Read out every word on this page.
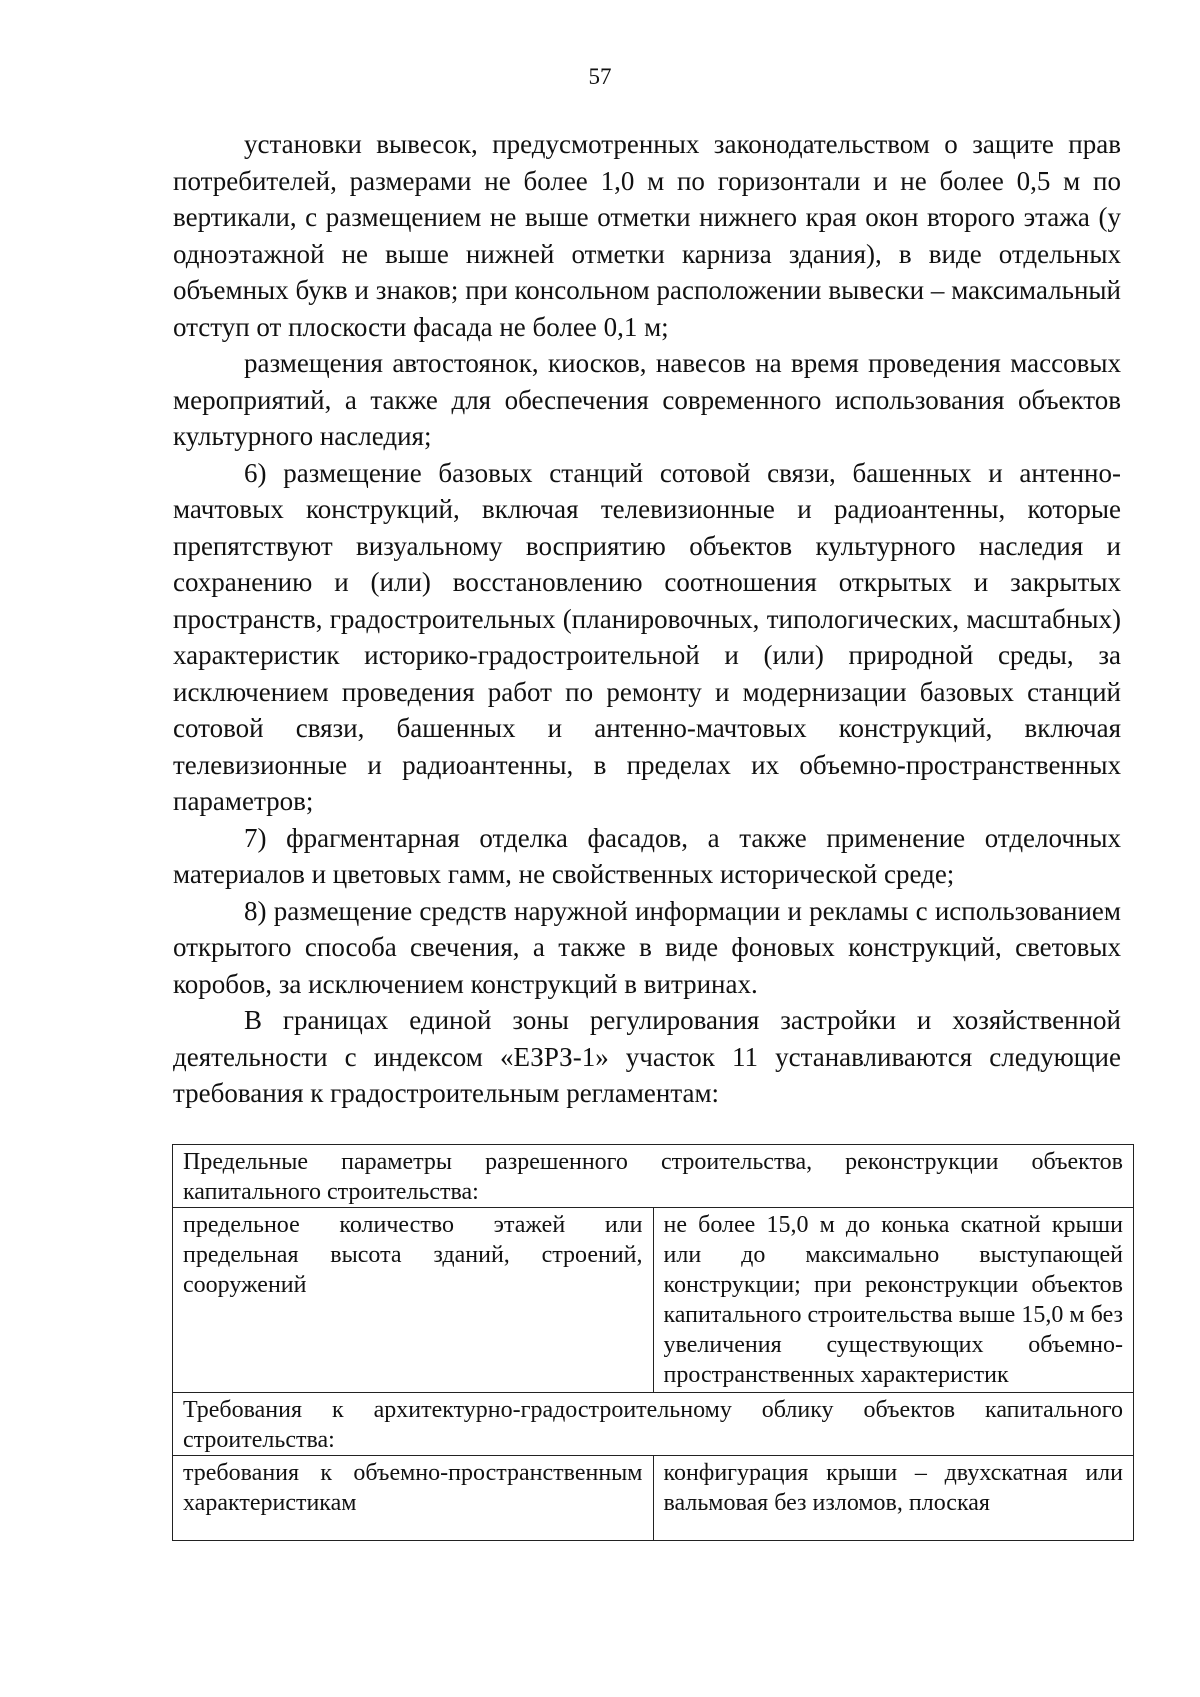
57

установки вывесок, предусмотренных законодательством о защите прав потребителей, размерами не более 1,0 м по горизонтали и не более 0,5 м по вертикали, с размещением не выше отметки нижнего края окон второго этажа (у одноэтажной не выше нижней отметки карниза здания), в виде отдельных объемных букв и знаков; при консольном расположении вывески – максимальный отступ от плоскости фасада не более 0,1 м;

размещения автостоянок, киосков, навесов на время проведения массовых мероприятий, а также для обеспечения современного использования объектов культурного наследия;

6) размещение базовых станций сотовой связи, башенных и антенно-мачтовых конструкций, включая телевизионные и радиоантенны, которые препятствуют визуальному восприятию объектов культурного наследия и сохранению и (или) восстановлению соотношения открытых и закрытых пространств, градостроительных (планировочных, типологических, масштабных) характеристик историко-градостроительной и (или) природной среды, за исключением проведения работ по ремонту и модернизации базовых станций сотовой связи, башенных и антенно-мачтовых конструкций, включая телевизионные и радиоантенны, в пределах их объемно-пространственных параметров;

7) фрагментарная отделка фасадов, а также применение отделочных материалов и цветовых гамм, не свойственных исторической среде;

8) размещение средств наружной информации и рекламы с использованием открытого способа свечения, а также в виде фоновых конструкций, световых коробов, за исключением конструкций в витринах.

В границах единой зоны регулирования застройки и хозяйственной деятельности с индексом «ЕЗРЗ-1» участок 11 устанавливаются следующие требования к градостроительным регламентам:

Предельные параметры разрешенного строительства, реконструкции объектов капитального строительства:	
предельное количество этажей или предельная высота зданий, строений, сооружений	не более 15,0 м до конька скатной крыши или до максимально выступающей конструкции; при реконструкции объектов капитального строительства выше 15,0 м без увеличения существующих объемно-пространственных характеристик
Требования к архитектурно-градостроительному облику объектов капитального строительства:	
требования к объемно-пространственным характеристикам	конфигурация крыши – двухскатная или вальмовая без изломов, плоская
